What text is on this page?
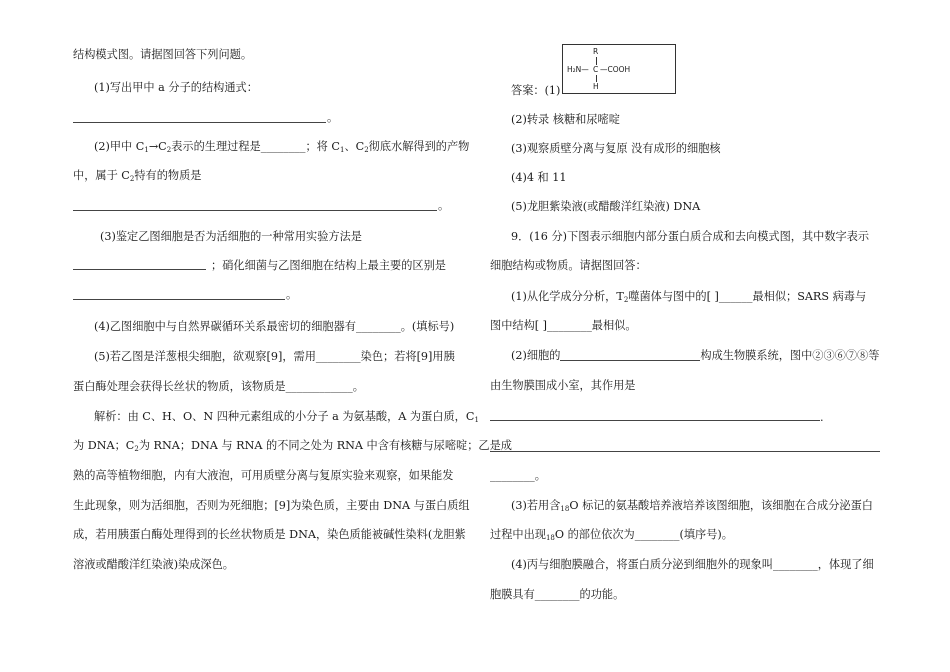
结构模式图。请据图回答下列问题。
(1)写出甲中 a 分子的结构通式：
。
(2)甲中 $C_1\to C_2$表示的生理过程是________；将 $C_1$、$C_2$彻底水解得到的产物
中，属于 $C_2$特有的物质是
。
(3)鉴定乙图细胞是否为活细胞的一种常用实验方法是
；硝化细菌与乙图细胞在结构上最主要的区别是
。
(4)乙图细胞中与自然界碳循环关系最密切的细胞器有________。(填标号)
(5)若乙图是洋葱根尖细胞，欲观察[9]，需用________染色；若将[9]用胰
蛋白酶处理会获得长丝状的物质，该物质是____________。
解析：由 C、H、O、N 四种元素组成的小分子 a 为氨基酸，A 为蛋白质，$C_1$
为 DNA；$C_2$为 RNA；DNA 与 RNA 的不同之处为 RNA 中含有核糖与尿嘧啶；乙是成
熟的高等植物细胞，内有大液泡，可用质壁分离与复原实验来观察，如果能发
生此现象，则为活细胞，否则为死细胞；[9]为染色质，主要由 DNA 与蛋白质组
成，若用胰蛋白酶处理得到的长丝状物质是 DNA，染色质能被碱性染料(龙胆紫
溶液或醋酸洋红染液)染成深色。
答案：(1)
R
H₂N— C —COOH
H
(2)转录 核糖和尿嘧啶
(3)观察质壁分离与复原 没有成形的细胞核
(4)4 和 11
(5)龙胆紫染液(或醋酸洋红染液) DNA
9．(16 分)下图表示细胞内部分蛋白质合成和去向模式图，其中数字表示
细胞结构或物质。请据图回答：
(1)从化学成分分析，$T_2$噬菌体与图中的[ ]______最相似；SARS 病毒与
图中结构[ ]________最相似。
(2)细胞的	构成生物膜系统，图中②③⑥⑦⑧等
由生物膜围成小室，其作用是
.
________。
(3)若用含$_{18}$O 标记的氨基酸培养液培养该图细胞，该细胞在合成分泌蛋白
过程中出现$_{18}$O 的部位依次为________(填序号)。
(4)丙与细胞膜融合，将蛋白质分泌到细胞外的现象叫________，体现了细
胞膜具有________的功能。
